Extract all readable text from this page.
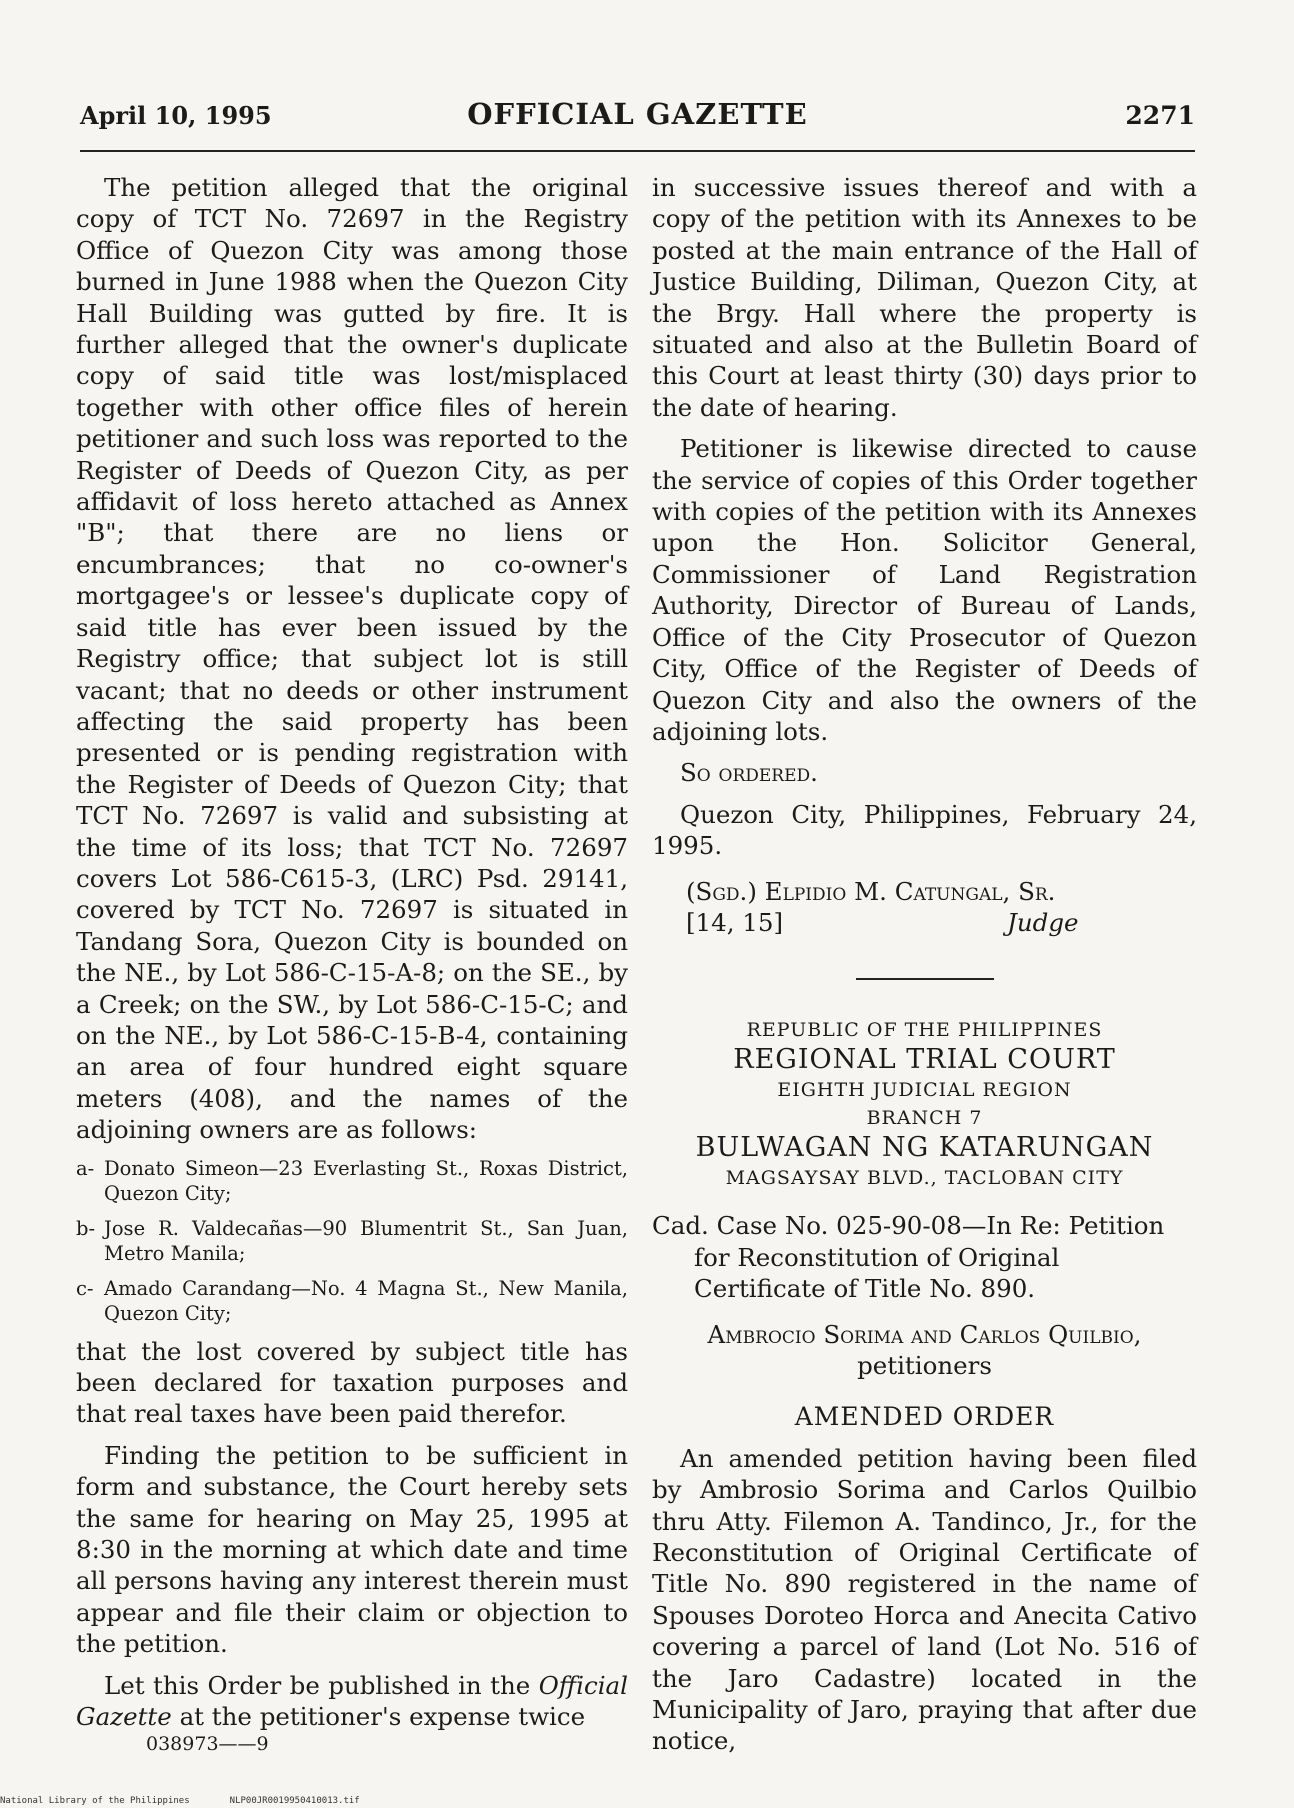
April 10, 1995	OFFICIAL GAZETTE	2271

The petition alleged that the original copy of TCT No. 72697 in the Registry Office of Quezon City was among those burned in June 1988 when the Quezon City Hall Building was gutted by fire. It is further alleged that the owner's duplicate copy of said title was lost/misplaced together with other office files of herein petitioner and such loss was reported to the Register of Deeds of Quezon City, as per affidavit of loss hereto attached as Annex "B"; that there are no liens or encumbrances; that no co-owner's mortgagee's or lessee's duplicate copy of said title has ever been issued by the Registry office; that subject lot is still vacant; that no deeds or other instrument affecting the said property has been presented or is pending registration with the Register of Deeds of Quezon City; that TCT No. 72697 is valid and subsisting at the time of its loss; that TCT No. 72697 covers Lot 586-C615-3, (LRC) Psd. 29141, covered by TCT No. 72697 is situated in Tandang Sora, Quezon City is bounded on the NE., by Lot 586-C-15-A-8; on the SE., by a Creek; on the SW., by Lot 586-C-15-C; and on the NE., by Lot 586-C-15-B-4, containing an area of four hundred eight square meters (408), and the names of the adjoining owners are as follows:

a- Donato Simeon—23 Everlasting St., Roxas District, Quezon City;
b- Jose R. Valdecañas—90 Blumentrit St., San Juan, Metro Manila;
c- Amado Carandang—No. 4 Magna St., New Manila, Quezon City;

that the lost covered by subject title has been declared for taxation purposes and that real taxes have been paid therefor.

Finding the petition to be sufficient in form and substance, the Court hereby sets the same for hearing on May 25, 1995 at 8:30 in the morning at which date and time all persons having any interest therein must appear and file their claim or objection to the petition.

Let this Order be published in the Official Gazette at the petitioner's expense twice

in successive issues thereof and with a copy of the petition with its Annexes to be posted at the main entrance of the Hall of Justice Building, Diliman, Quezon City, at the Brgy. Hall where the property is situated and also at the Bulletin Board of this Court at least thirty (30) days prior to the date of hearing.

Petitioner is likewise directed to cause the service of copies of this Order together with copies of the petition with its Annexes upon the Hon. Solicitor General, Commissioner of Land Registration Authority, Director of Bureau of Lands, Office of the City Prosecutor of Quezon City, Office of the Register of Deeds of Quezon City and also the owners of the adjoining lots.

So ordered.

Quezon City, Philippines, February 24, 1995.

(Sgd.) Elpidio M. Catungal, Sr.
[14, 15]	Judge
REPUBLIC OF THE PHILIPPINES
REGIONAL TRIAL COURT
EIGHTH JUDICIAL REGION
BRANCH 7
BULWAGAN NG KATARUNGAN
MAGSAYSAY BLVD., TACLOBAN CITY

Cad. Case No. 025-90-08—In Re: Petition for Reconstitution of Original Certificate of Title No. 890.

Ambrocio Sorima and Carlos Quilbio,
petitioners
AMENDED ORDER

An amended petition having been filed by Ambrosio Sorima and Carlos Quilbio thru Atty. Filemon A. Tandinco, Jr., for the Reconstitution of Original Certificate of Title No. 890 registered in the name of Spouses Doroteo Horca and Anecita Cativo covering a parcel of land (Lot No. 516 of the Jaro Cadastre) located in the Municipality of Jaro, praying that after due notice,

038973——9
National Library of the Philippines	NLP00JR0019950410013.tif
